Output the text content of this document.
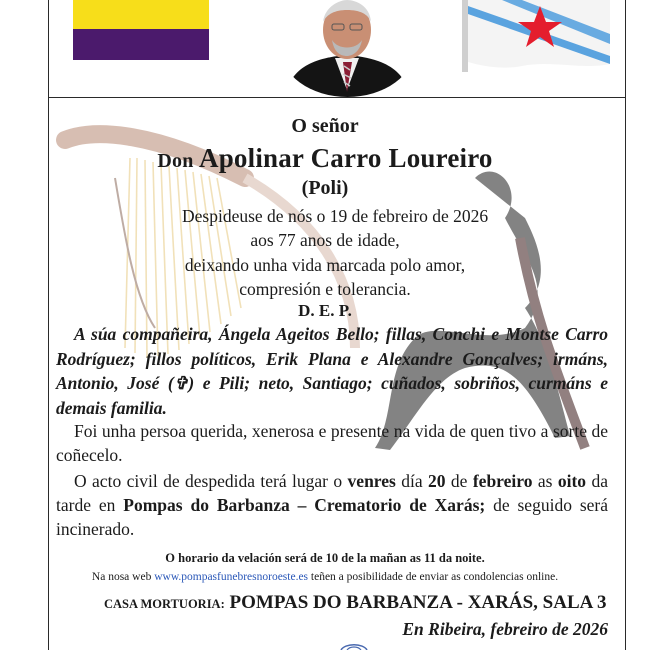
O señor
Don Apolinar Carro Loureiro
(Poli)
Despideuse de nós o 19 de febreiro de 2026
aos 77 anos de idade,
deixando unha vida marcada polo amor,
compresión e tolerancia.
D. E. P.
A súa compañeira, Ángela Ageitos Bello; fillas, Conchi e Montse Carro Rodríguez; fillos políticos, Erik Plana e Alexandre Gonçalves; irmáns, Antonio, José (✞) e Pili; neto, Santiago; cuñados, sobriños, curmáns e demais familia.
Foi unha persoa querida, xenerosa e presente na vida de quen tivo a sorte de coñecelo.
O acto civil de despedida terá lugar o venres día 20 de febreiro as oito da tarde en Pompas do Barbanza – Crematorio de Xarás; de seguido será incinerado.
O horario da velación será de 10 de la mañan as 11 da noite.
Na nosa web www.pompasfunebresnoroeste.es teñen a posibilidade de enviar as condolencias online.
CASA MORTUORIA: POMPAS DO BARBANZA - XARÁS, SALA 3
En Ribeira, febreiro de 2026
